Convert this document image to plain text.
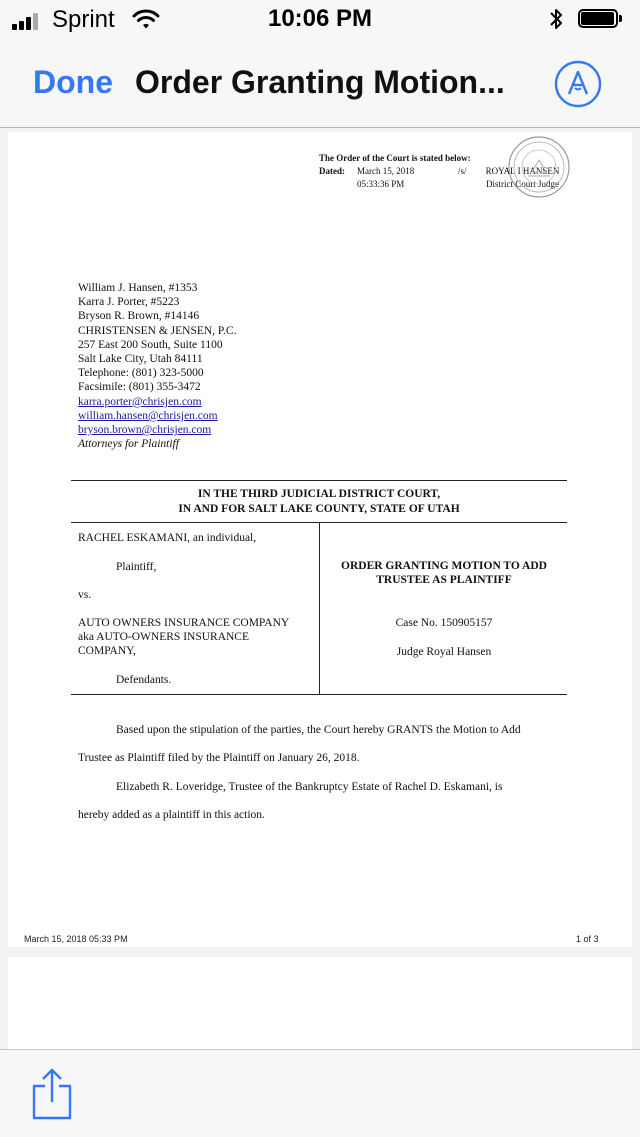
Sprint	10:06 PM
Done Order Granting Motion...
The Order of the Court is stated below:
Dated:	March 15, 2018	/s/	ROYAL I HANSEN
05:33:36 PM	District Court Judge
William J. Hansen, #1353
Karra J. Porter, #5223
Bryson R. Brown, #14146
CHRISTENSEN & JENSEN, P.C.
257 East 200 South, Suite 1100
Salt Lake City, Utah 84111
Telephone: (801) 323-5000
Facsimile: (801) 355-3472
karra.porter@chrisjen.com
william.hansen@chrisjen.com
bryson.brown@chrisjen.com
Attorneys for Plaintiff
IN THE THIRD JUDICIAL DISTRICT COURT,
IN AND FOR SALT LAKE COUNTY, STATE OF UTAH
RACHEL ESKAMANI, an individual,
Plaintiff,
vs.
AUTO OWNERS INSURANCE COMPANY
aka AUTO-OWNERS INSURANCE
COMPANY,
Defendants.
ORDER GRANTING MOTION TO ADD
TRUSTEE AS PLAINTIFF
Case No. 150905157
Judge Royal Hansen
Based upon the stipulation of the parties, the Court hereby GRANTS the Motion to Add
Trustee as Plaintiff filed by the Plaintiff on January 26, 2018.
Elizabeth R. Loveridge, Trustee of the Bankruptcy Estate of Rachel D. Eskamani, is
hereby added as a plaintiff in this action.
March 15, 2018 05:33 PM	1 of 3
